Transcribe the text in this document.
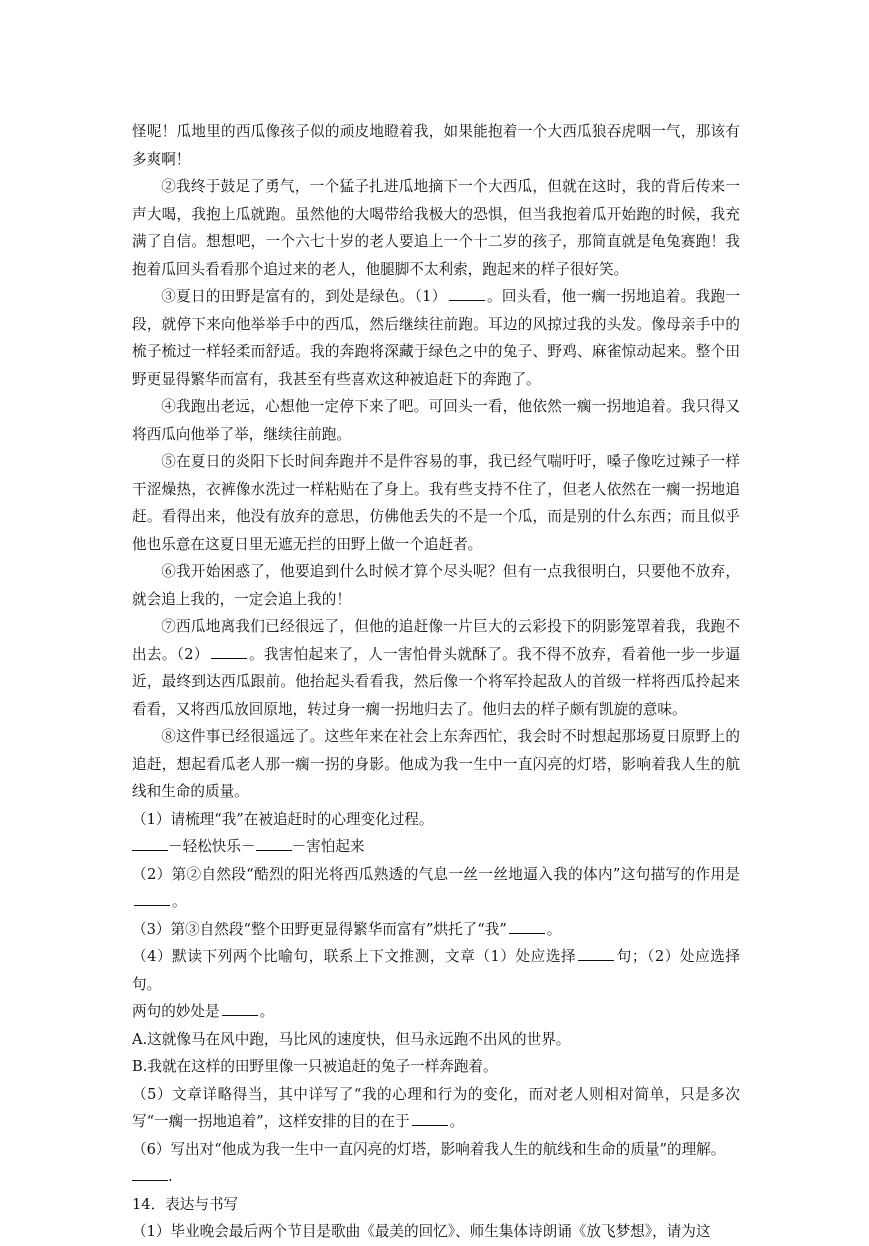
怪呢！瓜地里的西瓜像孩子似的顽皮地瞪着我，如果能抱着一个大西瓜狼吞虎咽一气，那该有多爽啊！

②我终于鼓足了勇气，一个猛子扎进瓜地摘下一个大西瓜，但就在这时，我的背后传来一声大喝，我抱上瓜就跑。虽然他的大喝带给我极大的恐惧，但当我抱着瓜开始跑的时候，我充满了自信。想想吧，一个六七十岁的老人要追上一个十二岁的孩子，那简直就是龟兔赛跑！我抱着瓜回头看看那个追过来的老人，他腿脚不太利索，跑起来的样子很好笑。

③夏日的田野是富有的，到处是绿色。（1）	。回头看，他一瘸一拐地追着。我跑一段，就停下来向他举举手中的西瓜，然后继续往前跑。耳边的风掠过我的头发。像母亲手中的梳子梳过一样轻柔而舒适。我的奔跑将深藏于绿色之中的兔子、野鸡、麻雀惊动起来。整个田野更显得繁华而富有，我甚至有些喜欢这种被追赶下的奔跑了。

④我跑出老远，心想他一定停下来了吧。可回头一看，他依然一瘸一拐地追着。我只得又将西瓜向他举了举，继续往前跑。

⑤在夏日的炎阳下长时间奔跑并不是件容易的事，我已经气喘吁吁，嗓子像吃过辣子一样干涩燥热，衣裤像水洗过一样粘贴在了身上。我有些支持不住了，但老人依然在一瘸一拐地追赶。看得出来，他没有放弃的意思，仿佛他丢失的不是一个瓜，而是别的什么东西；而且似乎他也乐意在这夏日里无遮无拦的田野上做一个追赶者。

⑥我开始困惑了，他要追到什么时候才算个尽头呢？但有一点我很明白，只要他不放弃，就会追上我的，一定会追上我的！

⑦西瓜地离我们已经很远了，但他的追赶像一片巨大的云彩投下的阴影笼罩着我，我跑不出去。（2）	。我害怕起来了，人一害怕骨头就酥了。我不得不放弃，看着他一步一步逼近，最终到达西瓜跟前。他抬起头看看我，然后像一个将军拎起敌人的首级一样将西瓜拎起来看看，又将西瓜放回原地，转过身一瘸一拐地归去了。他归去的样子颇有凯旋的意味。

⑧这件事已经很遥远了。这些年来在社会上东奔西忙，我会时不时想起那场夏日原野上的追赶，想起看瓜老人那一瘸一拐的身影。他成为我一生中一直闪亮的灯塔，影响着我人生的航线和生命的质量。

（1）请梳理“我”在被追赶时的心理变化过程。

－轻松快乐－ －害怕起来

（2）第②自然段“酷烈的阳光将西瓜熟透的气息一丝一丝地逼入我的体内”这句描写的作用是。

（3）第③自然段“整个田野更显得繁华而富有”烘托了“我”	。

（4）默读下列两个比喻句，联系上下文推测，文章（1）处应选择	句；（2）处应选择句。

两句的妙处是	。

A.这就像马在风中跑，马比风的速度快，但马永远跑不出风的世界。

B.我就在这样的田野里像一只被追赶的兔子一样奔跑着。

（5）文章详略得当，其中详写了“我的心理和行为的变化，而对老人则相对简单，只是多次写“一瘸一拐地追着”，这样安排的目的在于	。

（6）写出对“他成为我一生中一直闪亮的灯塔，影响着我人生的航线和生命的质量”的理解。

.

14．表达与书写

（1）毕业晚会最后两个节目是歌曲《最美的回忆》、师生集体诗朗诵《放飞梦想》，请为这
